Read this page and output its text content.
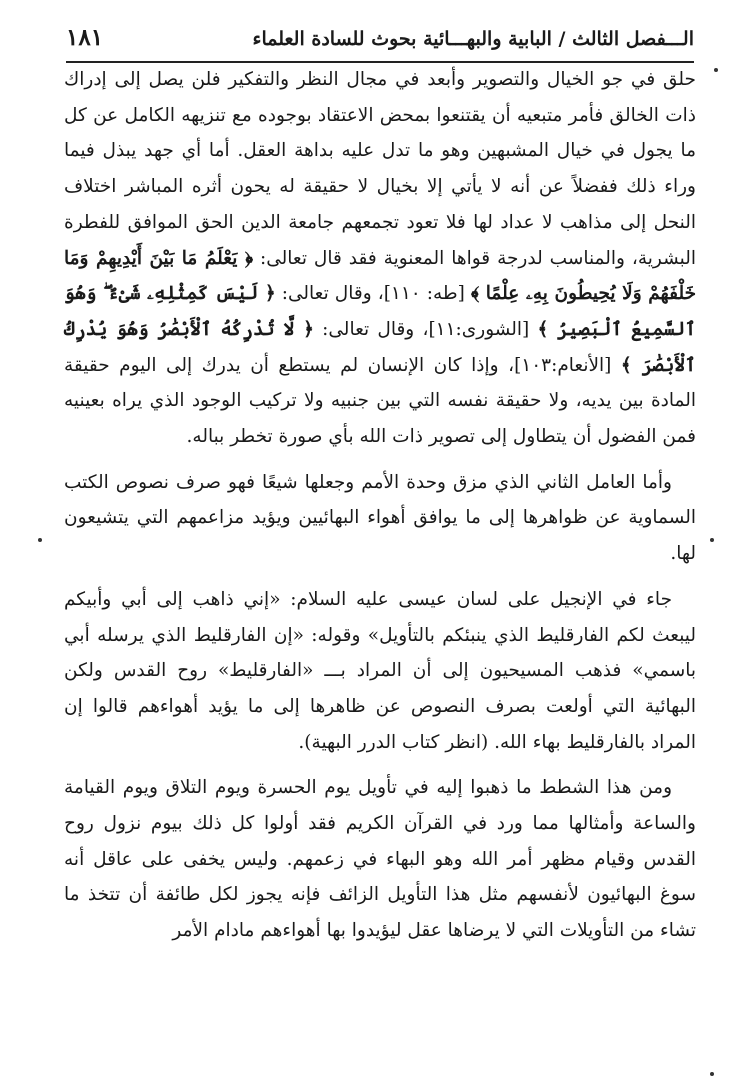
الـــفصل الثالث / البابية والبهـــائية بحوث للسادة العلماء
١٨١

حلق في جو الخيال والتصوير وأبعد في مجال النظر والتفكير فلن يصل إلى إدراك ذات الخالق فأمر متبعيه أن يقتنعوا بمحض الاعتقاد بوجوده مع تنزيهه الكامل عن كل ما يجول في خيال المشبهين وهو ما تدل عليه بداهة العقل. أما أي جهد يبذل فيما وراء ذلك ففضلاً عن أنه لا يأتي إلا بخيال لا حقيقة له يحون أثره المباشر اختلاف النحل إلى مذاهب لا عداد لها فلا تعود تجمعهم جامعة الدين الحق الموافق للفطرة البشرية، والمناسب لدرجة قواها المعنوية فقد قال تعالى: ﴿ يَعْلَمُ مَا بَيْنَ أَيْدِيهِمْ وَمَا خَلْفَهُمْ وَلَا يُحِيطُونَ بِهِۦ عِلْمًا ﴾ [طه: ١١٠]، وقال تعالى: ﴿ لَيْسَ كَمِثْلِهِۦ شَىْءٌ ۖ وَهُوَ ٱلسَّمِيعُ ٱلْبَصِيرُ ﴾ [الشورى:١١]، وقال تعالى: ﴿ لَّا تُدْرِكُهُ ٱلْأَبْصَٰرُ وَهُوَ يُدْرِكُ ٱلْأَبْصَٰرَ ﴾ [الأنعام:١٠٣]، وإذا كان الإنسان لم يستطع أن يدرك إلى اليوم حقيقة المادة بين يديه، ولا حقيقة نفسه التي بين جنبيه ولا تركيب الوجود الذي يراه بعينيه فمن الفضول أن يتطاول إلى تصوير ذات الله بأي صورة تخطر بباله.

وأما العامل الثاني الذي مزق وحدة الأمم وجعلها شيعًا فهو صرف نصوص الكتب السماوية عن ظواهرها إلى ما يوافق أهواء البهائيين ويؤيد مزاعمهم التي يتشيعون لها.

جاء في الإنجيل على لسان عيسى عليه السلام: «إني ذاهب إلى أبي وأبيكم ليبعث لكم الفارقليط الذي ينبئكم بالتأويل» وقوله: «إن الفارقليط الذي يرسله أبي باسمي» فذهب المسيحيون إلى أن المراد بـــ «الفارقليط» روح القدس ولكن البهائية التي أولعت بصرف النصوص عن ظاهرها إلى ما يؤيد أهواءهم قالوا إن المراد بالفارقليط بهاء الله. (انظر كتاب الدرر البهية).

ومن هذا الشطط ما ذهبوا إليه في تأويل يوم الحسرة ويوم التلاق ويوم القيامة والساعة وأمثالها مما ورد في القرآن الكريم فقد أولوا كل ذلك بيوم نزول روح القدس وقيام مظهر أمر الله وهو البهاء في زعمهم. وليس يخفى على عاقل أنه سوغ البهائيون لأنفسهم مثل هذا التأويل الزائف فإنه يجوز لكل طائفة أن تتخذ ما تشاء من التأويلات التي لا يرضاها عقل ليؤيدوا بها أهواءهم مادام الأمر
